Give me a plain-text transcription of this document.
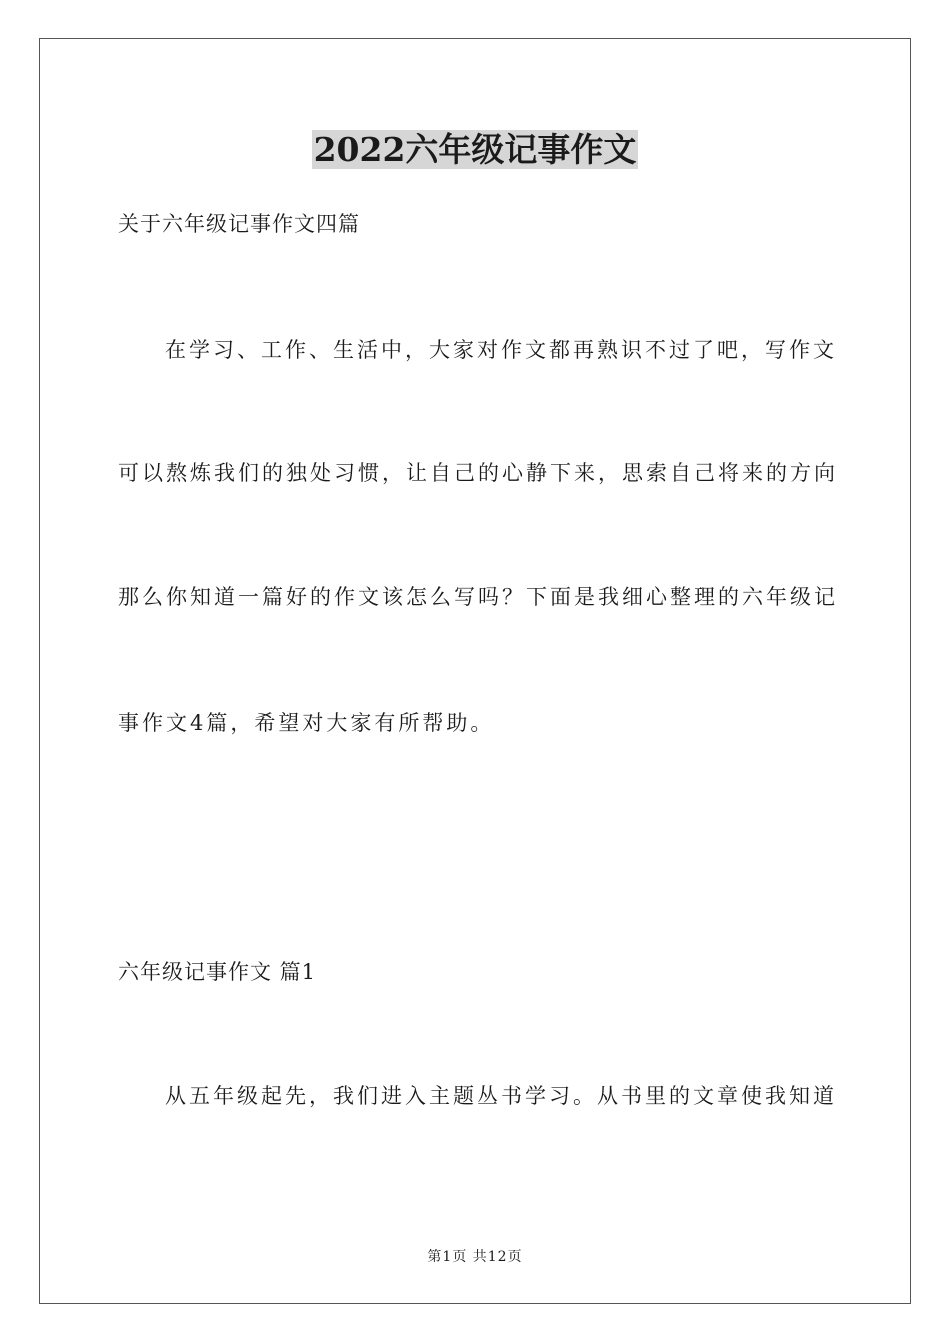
2022六年级记事作文
关于六年级记事作文四篇
在学习、工作、生活中，大家对作文都再熟识不过了吧，写作文
可以熬炼我们的独处习惯，让自己的心静下来，思索自己将来的方向
那么你知道一篇好的作文该怎么写吗？下面是我细心整理的六年级记
事作文4篇，希望对大家有所帮助。
六年级记事作文 篇1
从五年级起先，我们进入主题丛书学习。从书里的文章使我知道
第1页 共12页
